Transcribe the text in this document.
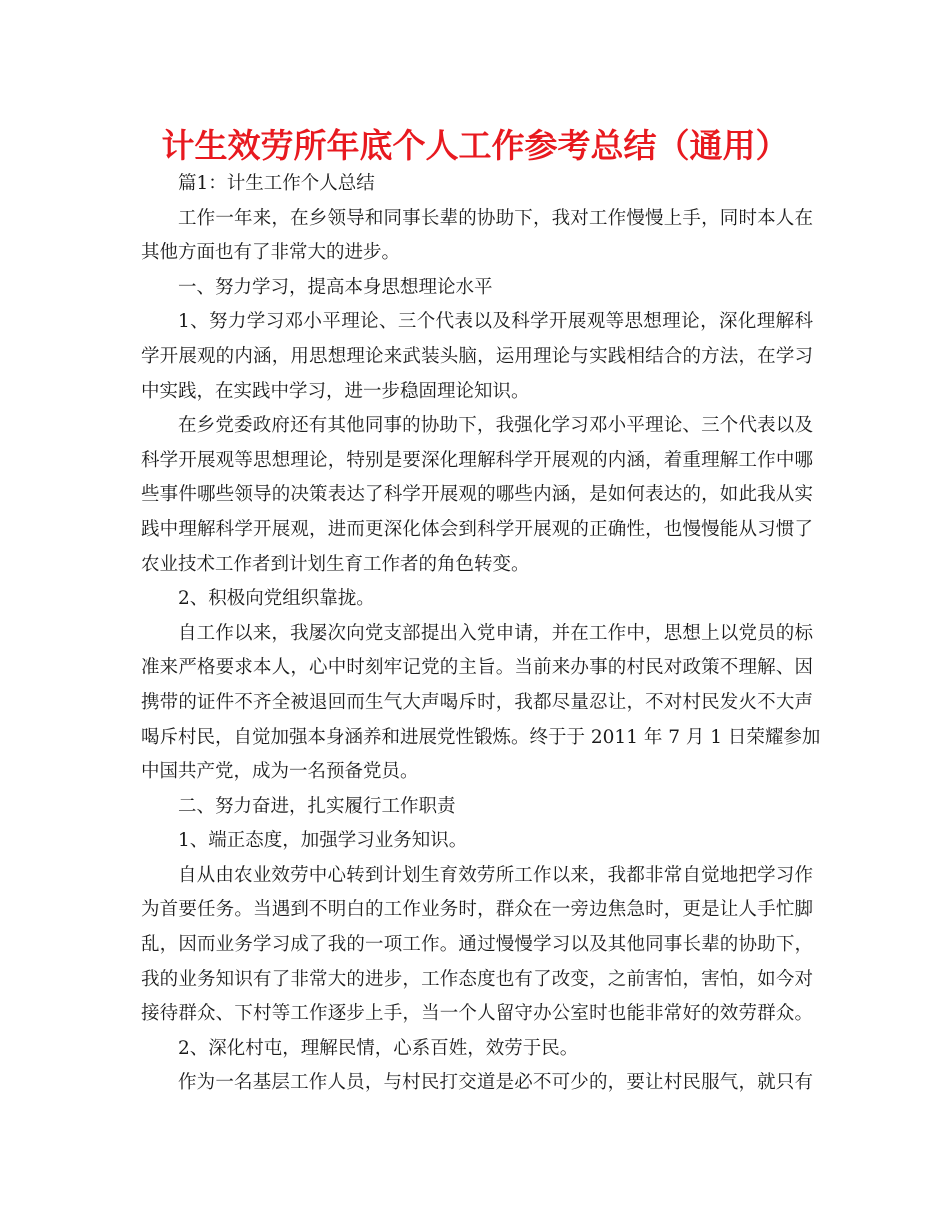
计生效劳所年底个人工作参考总结（通用）
篇1：计生工作个人总结
工作一年来，在乡领导和同事长辈的协助下，我对工作慢慢上手，同时本人在
其他方面也有了非常大的进步。
一、努力学习，提高本身思想理论水平
1、努力学习邓小平理论、三个代表以及科学开展观等思想理论，深化理解科
学开展观的内涵，用思想理论来武装头脑，运用理论与实践相结合的方法，在学习
中实践，在实践中学习，进一步稳固理论知识。
在乡党委政府还有其他同事的协助下，我强化学习邓小平理论、三个代表以及
科学开展观等思想理论，特别是要深化理解科学开展观的内涵，着重理解工作中哪
些事件哪些领导的决策表达了科学开展观的哪些内涵，是如何表达的，如此我从实
践中理解科学开展观，进而更深化体会到科学开展观的正确性，也慢慢能从习惯了
农业技术工作者到计划生育工作者的角色转变。
2、积极向党组织靠拢。
自工作以来，我屡次向党支部提出入党申请，并在工作中，思想上以党员的标
准来严格要求本人，心中时刻牢记党的主旨。当前来办事的村民对政策不理解、因
携带的证件不齐全被退回而生气大声喝斥时，我都尽量忍让，不对村民发火不大声
喝斥村民，自觉加强本身涵养和进展党性锻炼。终于于 2011 年 7 月 1 日荣耀参加
中国共产党，成为一名预备党员。
二、努力奋进，扎实履行工作职责
1、端正态度，加强学习业务知识。
自从由农业效劳中心转到计划生育效劳所工作以来，我都非常自觉地把学习作
为首要任务。当遇到不明白的工作业务时，群众在一旁边焦急时，更是让人手忙脚
乱，因而业务学习成了我的一项工作。通过慢慢学习以及其他同事长辈的协助下，
我的业务知识有了非常大的进步，工作态度也有了改变，之前害怕，害怕，如今对
接待群众、下村等工作逐步上手，当一个人留守办公室时也能非常好的效劳群众。
2、深化村屯，理解民情，心系百姓，效劳于民。
作为一名基层工作人员，与村民打交道是必不可少的，要让村民服气，就只有
